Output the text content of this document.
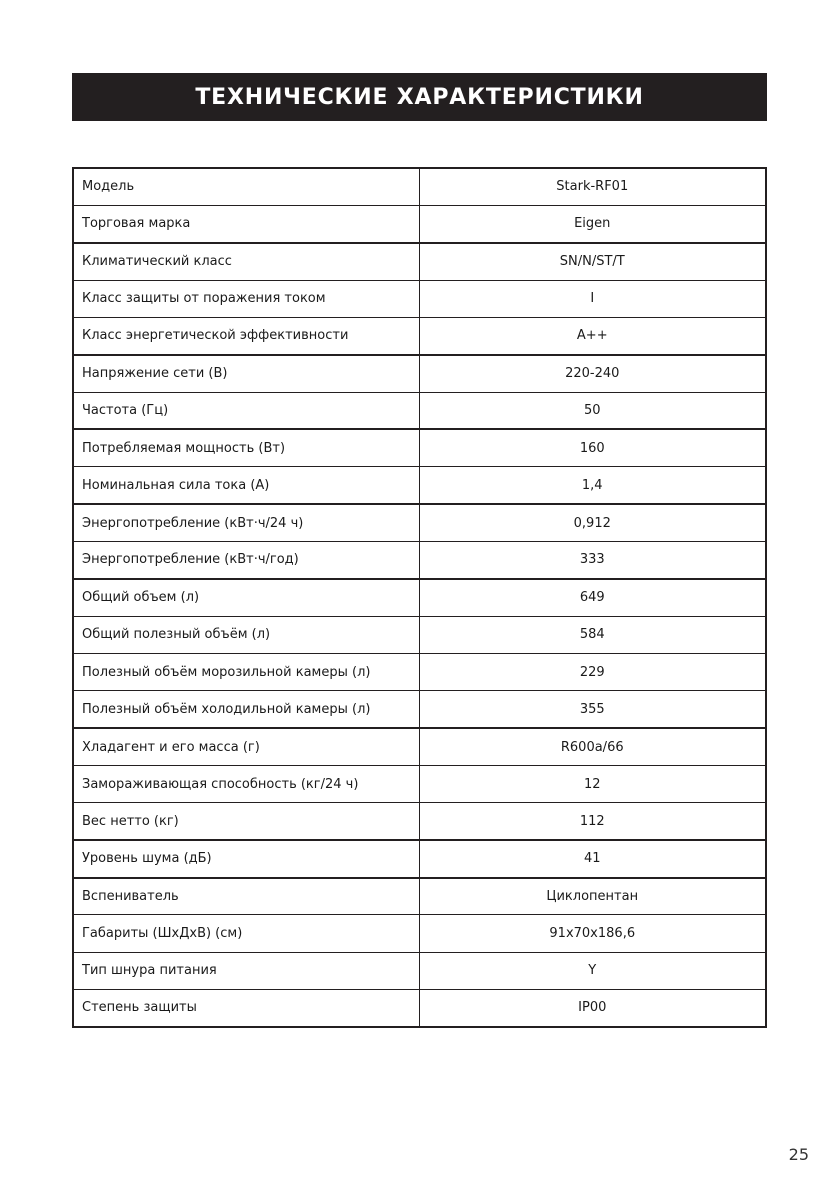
ТЕХНИЧЕСКИЕ ХАРАКТЕРИСТИКИ
Модель	Stark-RF01
Торговая марка	Eigen
Климатический класс	SN/N/ST/T
Класс защиты от поражения током	I
Класс энергетической эффективности	A++
Напряжение сети (В)	220-240
Частота (Гц)	50
Потребляемая мощность (Вт)	160
Номинальная сила тока (А)	1,4
Энергопотребление (кВт·ч/24 ч)	0,912
Энергопотребление (кВт·ч/год)	333
Общий объем (л)	649
Общий полезный объём (л)	584
Полезный объём морозильной камеры (л)	229
Полезный объём холодильной камеры (л)	355
Хладагент и его масса (г)	R600a/66
Замораживающая способность (кг/24 ч)	12
Вес нетто (кг)	112
Уровень шума (дБ)	41
Вспениватель	Циклопентан
Габариты (ШхДхВ) (см)	91x70x186,6
Тип шнура питания	Y
Степень защиты	IP00
25
